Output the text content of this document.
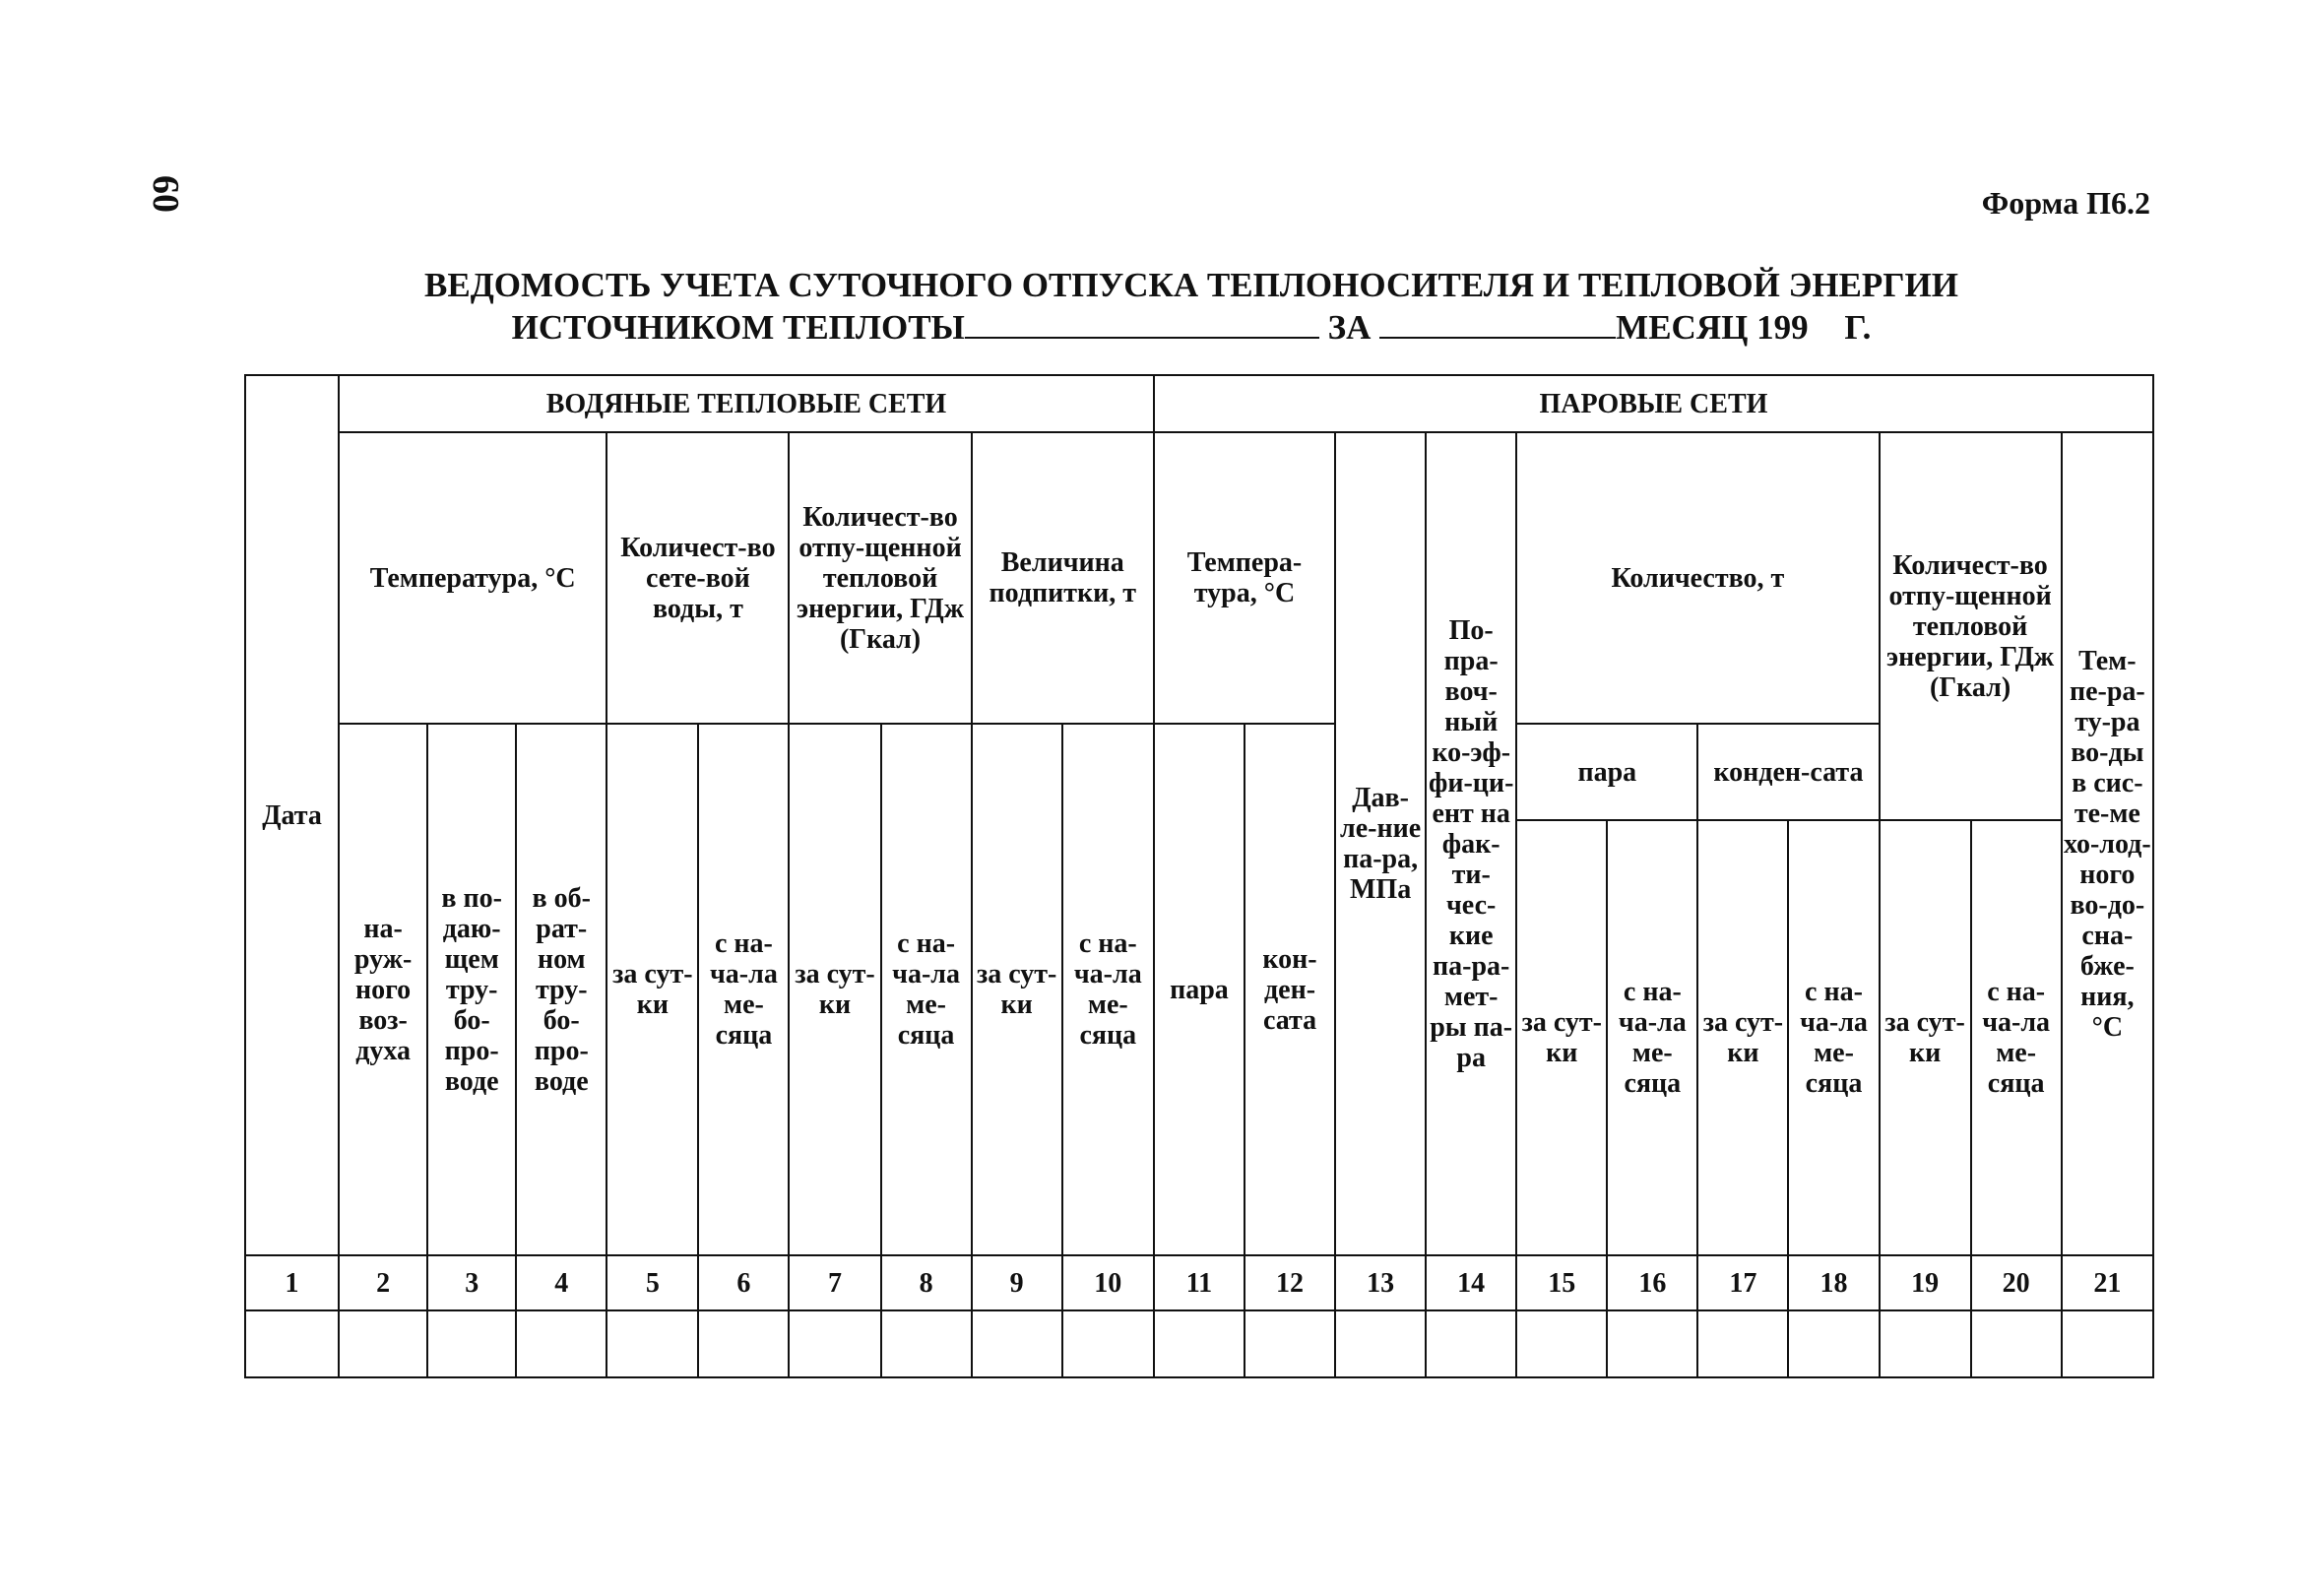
60	Форма П6.2
ВЕДОМОСТЬ УЧЕТА СУТОЧНОГО ОТПУСКА ТЕПЛОНОСИТЕЛЯ И ТЕПЛОВОЙ ЭНЕРГИИ
ИСТОЧНИКОМ ТЕПЛОТЫ	ЗА	МЕСЯЦ 199 Г.
Дата	ВОДЯНЫЕ ТЕПЛОВЫЕ СЕТИ									ПАРОВЫЕ СЕТИ										
	Температура, °С			Количест-во сете-вой воды, т		Количест-во отпу-щенной тепловой энергии, ГДж (Гкал)		Величина подпитки, т		Темпера-тура, °С		Дав-ле-ние па-ра, МПа	По-пра-воч-ный ко-эф-фи-ци-ент на фак-ти-чес-кие па-ра-мет-ры па-ра	Количество, т				Количест-во отпу-щенной тепловой энергии, ГДж (Гкал)		Тем-пе-ра-ту-ра во-ды в сис-те-ме хо-лод-ного во-до-сна-бже-ния, °С
	на-руж-ного воз-духа	в по-даю-щем тру-бо-про-воде	в об-рат-ном тру-бо-про-воде	за сут-ки	с на-ча-ла ме-сяца	за сут-ки	с на-ча-ла ме-сяца	за сут-ки	с на-ча-ла ме-сяца	пара	кон-ден-сата			пара		конден-сата				
														за сут-ки	с на-ча-ла ме-сяца	за сут-ки	с на-ча-ла ме-сяца	за сут-ки	с на-ча-ла ме-сяца	
1	2	3	4	5	6	7	8	9	10	11	12	13	14	15	16	17	18	19	20	21
